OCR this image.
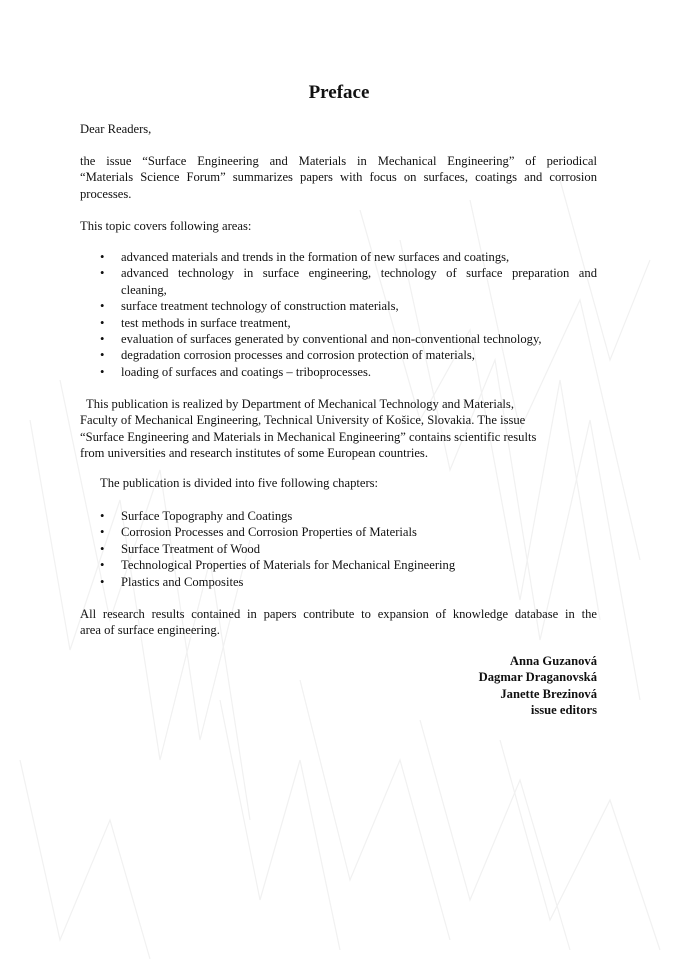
Preface
Dear Readers,
the issue “Surface Engineering and Materials in Mechanical Engineering” of periodical
“Materials Science Forum” summarizes papers with focus on surfaces, coatings and corrosion
processes.
This topic covers following areas:
• advanced materials and trends in the formation of new surfaces and coatings,
• advanced technology in surface engineering, technology of surface preparation and
cleaning,
• surface treatment technology of construction materials,
• test methods in surface treatment,
• evaluation of surfaces generated by conventional and non-conventional technology,
• degradation corrosion processes and corrosion protection of materials,
• loading of surfaces and coatings – triboprocesses.
This publication is realized by Department of Mechanical Technology and Materials,
Faculty of Mechanical Engineering, Technical University of Košice, Slovakia. The issue
“Surface Engineering and Materials in Mechanical Engineering” contains scientific results
from universities and research institutes of some European countries.
The publication is divided into five following chapters:
• Surface Topography and Coatings
• Corrosion Processes and Corrosion Properties of Materials
• Surface Treatment of Wood
• Technological Properties of Materials for Mechanical Engineering
• Plastics and Composites
All research results contained in papers contribute to expansion of knowledge database in the
area of surface engineering.
Anna Guzanová
Dagmar Draganovská
Janette Brezinová
issue editors
